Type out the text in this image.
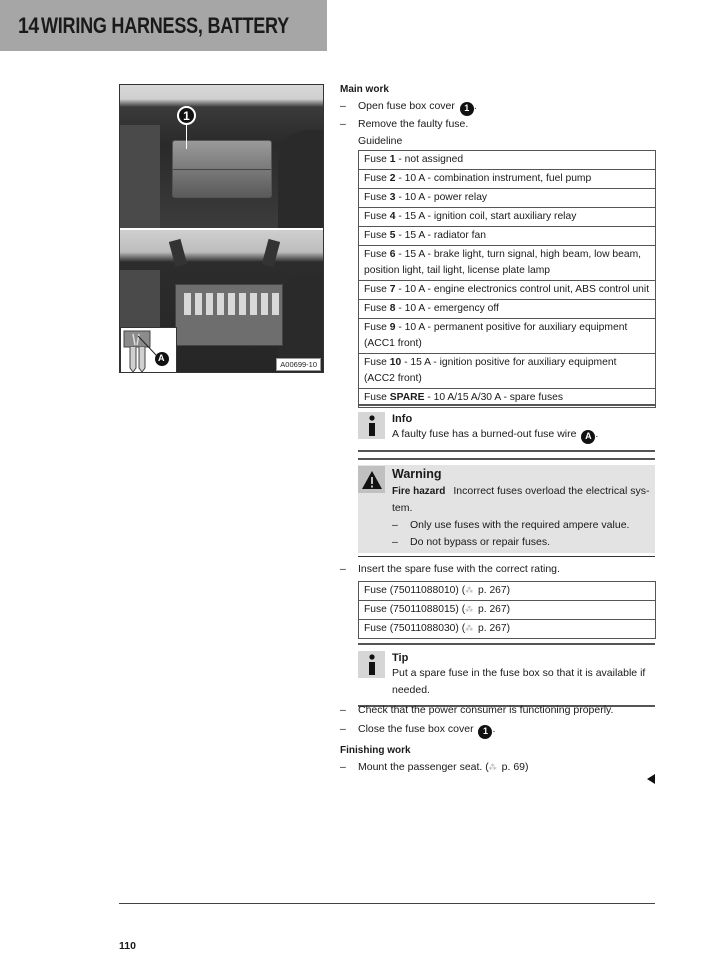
14 WIRING HARNESS, BATTERY
1
A
A00699-10
Main work
– Open fuse box cover 1 .
– Remove the faulty fuse.
Guideline
Fuse 1 - not assigned
Fuse 2 - 10 A - combination instrument, fuel pump
Fuse 3 - 10 A - power relay
Fuse 4 - 15 A - ignition coil, start auxiliary relay
Fuse 5 - 15 A - radiator fan
Fuse 6 - 15 A - brake light, turn signal, high beam, low beam, position light, tail light, license plate lamp
Fuse 7 - 10 A - engine electronics control unit, ABS control unit
Fuse 8 - 10 A - emergency off
Fuse 9 - 10 A - permanent positive for auxiliary equipment (ACC1 front)
Fuse 10 - 15 A - ignition positive for auxiliary equipment (ACC2 front)
Fuse SPARE - 10 A/15 A/30 A - spare fuses
Info
A faulty fuse has a burned-out fuse wire A .
Warning
Fire hazard Incorrect fuses overload the electrical sys-tem.
– Only use fuses with the required ampere value.
– Do not bypass or repair fuses.
– Insert the spare fuse with the correct rating.
Fuse (75011088010) (⁂ p. 267)
Fuse (75011088015) (⁂ p. 267)
Fuse (75011088030) (⁂ p. 267)
Tip
Put a spare fuse in the fuse box so that it is available if needed.
– Check that the power consumer is functioning properly.
– Close the fuse box cover 1 .
Finishing work
– Mount the passenger seat. (⁂ p. 69)
110
